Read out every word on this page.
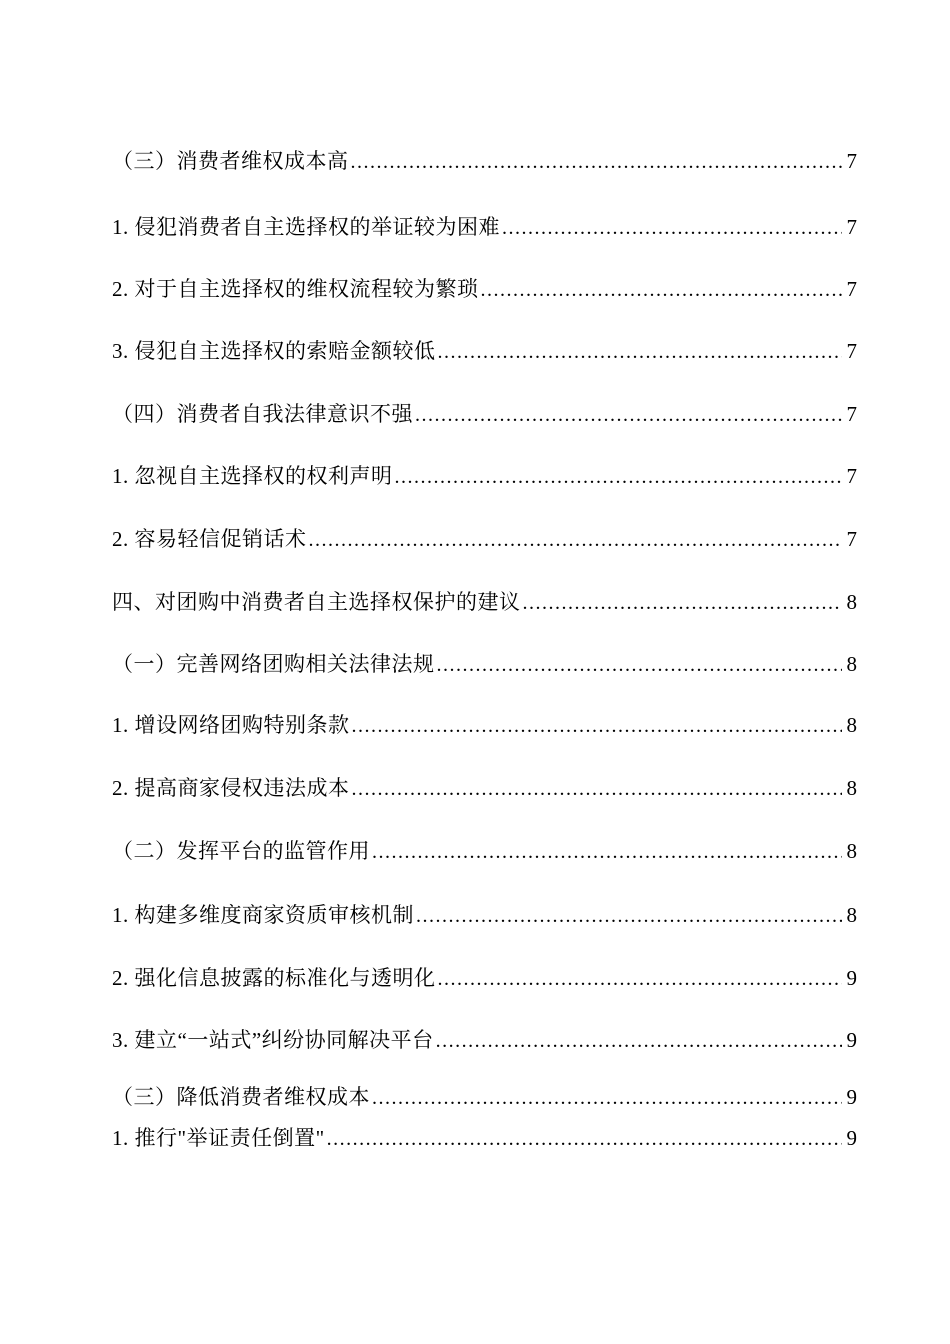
（三）消费者维权成本高 .....	7
1. 侵犯消费者自主选择权的举证较为困难 .....	7
2. 对于自主选择权的维权流程较为繁琐 .....	7
3. 侵犯自主选择权的索赔金额较低 .....	7
（四）消费者自我法律意识不强 .....	7
1. 忽视自主选择权的权利声明 .....	7
2. 容易轻信促销话术 .....	7
四、对团购中消费者自主选择权保护的建议 .....	8
（一）完善网络团购相关法律法规 .....	8
1. 增设网络团购特别条款 .....	8
2. 提高商家侵权违法成本 .....	8
（二）发挥平台的监管作用 .....	8
1. 构建多维度商家资质审核机制 .....	8
2. 强化信息披露的标准化与透明化 .....	9
3. 建立“一站式”纠纷协同解决平台 .....	9
（三）降低消费者维权成本 .....	9
1. 推行"举证责任倒置" .....	9
